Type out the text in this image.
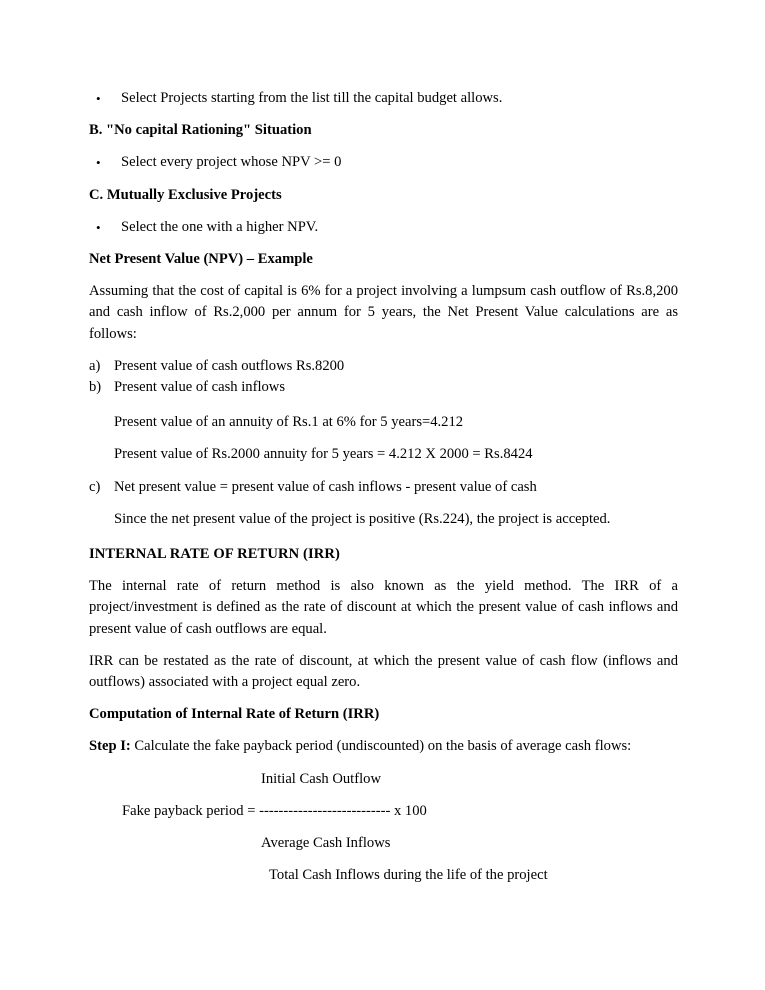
• Select Projects starting from the list till the capital budget allows.
B. "No capital Rationing" Situation
• Select every project whose NPV >= 0
C. Mutually Exclusive Projects
• Select the one with a higher NPV.
Net Present Value (NPV) – Example
Assuming that the cost of capital is 6% for a project involving a lumpsum cash outflow of Rs.8,200 and cash inflow of Rs.2,000 per annum for 5 years, the Net Present Value calculations are as follows:
a) Present value of cash outflows Rs.8200
b) Present value of cash inflows
Present value of an annuity of Rs.1 at 6% for 5 years=4.212
Present value of Rs.2000 annuity for 5 years = 4.212 X 2000 = Rs.8424
c) Net present value = present value of cash inflows - present value of cash
Since the net present value of the project is positive (Rs.224), the project is accepted.
INTERNAL RATE OF RETURN (IRR)
The internal rate of return method is also known as the yield method. The IRR of a project/investment is defined as the rate of discount at which the present value of cash inflows and present value of cash outflows are equal.
IRR can be restated as the rate of discount, at which the present value of cash flow (inflows and outflows) associated with a project equal zero.
Computation of Internal Rate of Return (IRR)
Step I: Calculate the fake payback period (undiscounted) on the basis of average cash flows:
Initial Cash Outflow
Fake payback period = --------------------------- x 100
Average Cash Inflows
Total Cash Inflows during the life of the project
